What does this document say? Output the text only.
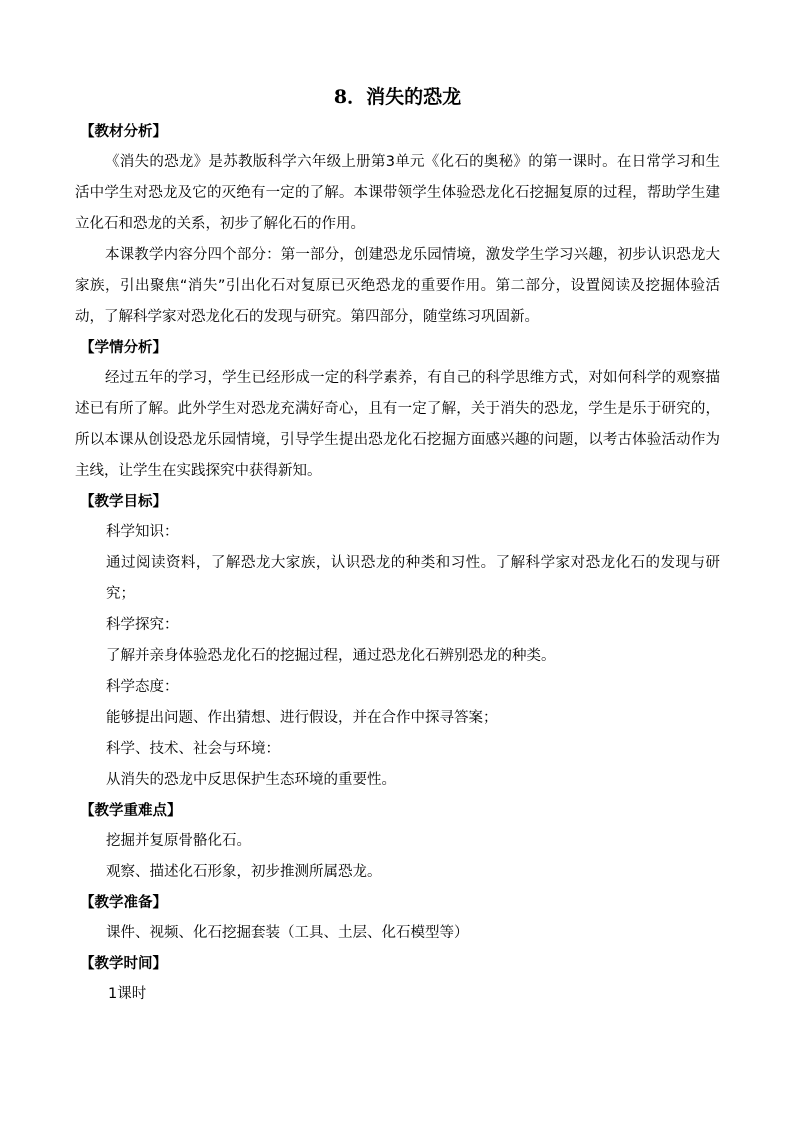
8．消失的恐龙
【教材分析】

《消失的恐龙》是苏教版科学六年级上册第3单元《化石的奥秘》的第一课时。在日常学习和生活中学生对恐龙及它的灭绝有一定的了解。本课带领学生体验恐龙化石挖掘复原的过程，帮助学生建立化石和恐龙的关系，初步了解化石的作用。

本课教学内容分四个部分：第一部分，创建恐龙乐园情境，激发学生学习兴趣，初步认识恐龙大家族，引出聚焦“消失”引出化石对复原已灭绝恐龙的重要作用。第二部分，设置阅读及挖掘体验活动，了解科学家对恐龙化石的发现与研究。第四部分，随堂练习巩固新。

【学情分析】

经过五年的学习，学生已经形成一定的科学素养，有自己的科学思维方式，对如何科学的观察描述已有所了解。此外学生对恐龙充满好奇心，且有一定了解，关于消失的恐龙，学生是乐于研究的，所以本课从创设恐龙乐园情境，引导学生提出恐龙化石挖掘方面感兴趣的问题，以考古体验活动作为主线，让学生在实践探究中获得新知。

【教学目标】
科学知识：

通过阅读资料，了解恐龙大家族，认识恐龙的种类和习性。了解科学家对恐龙化石的发现与研究；

科学探究：
了解并亲身体验恐龙化石的挖掘过程，通过恐龙化石辨别恐龙的种类。
科学态度：
能够提出问题、作出猜想、进行假设，并在合作中探寻答案；
科学、技术、社会与环境：
从消失的恐龙中反思保护生态环境的重要性。
【教学重难点】
挖掘并复原骨骼化石。
观察、描述化石形象，初步推测所属恐龙。
【教学准备】
课件、视频、化石挖掘套装（工具、土层、化石模型等）
【教学时间】
1课时
